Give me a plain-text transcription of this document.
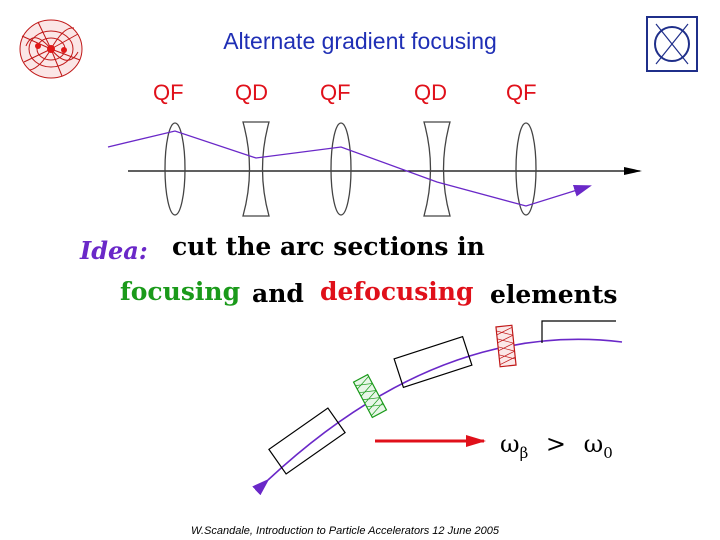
Alternate gradient focusing
QF QD QF	QD	QF
Idea: cut the arc sections in
focusing and defocusing elements
$\omega_\beta > \omega_0$
W.Scandale, Introduction to Particle Accelerators 12 June 2005
